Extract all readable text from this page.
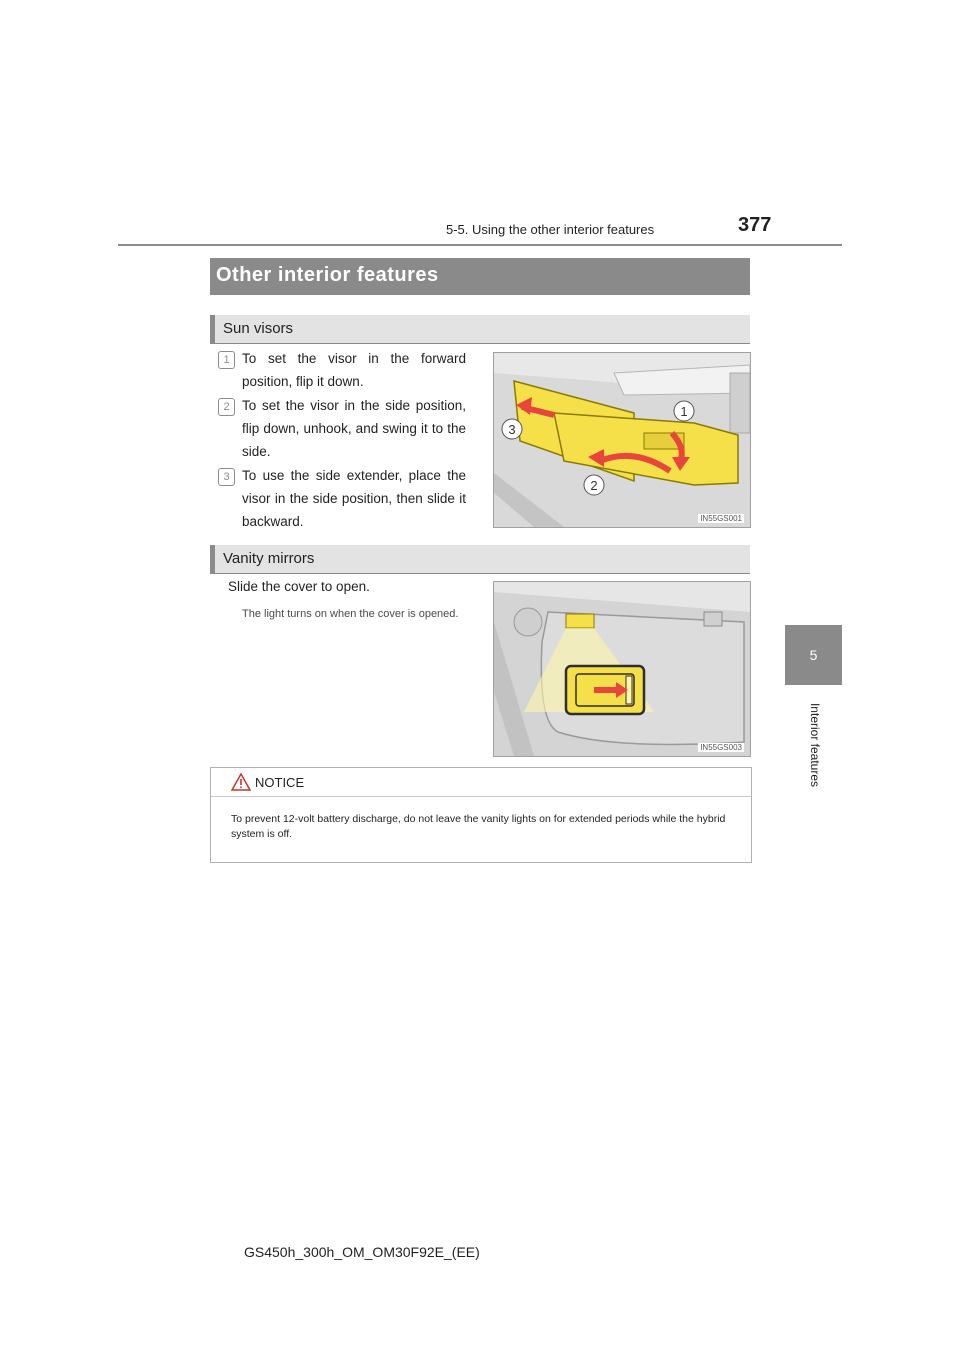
5-5. Using the other interior features	377
5
Interior features
Other interior features
Sun visors
1 To set the visor in the forward position, flip it down.
2 To set the visor in the side position, flip down, unhook, and swing it to the side.
3 To use the side extender, place the visor in the side position, then slide it backward.
1
2
3
IN55GS001
Vanity mirrors
Slide the cover to open.
The light turns on when the cover is opened.
IN55GS003
NOTICE
To prevent 12-volt battery discharge, do not leave the vanity lights on for extended periods while the hybrid system is off.
GS450h_300h_OM_OM30F92E_(EE)
